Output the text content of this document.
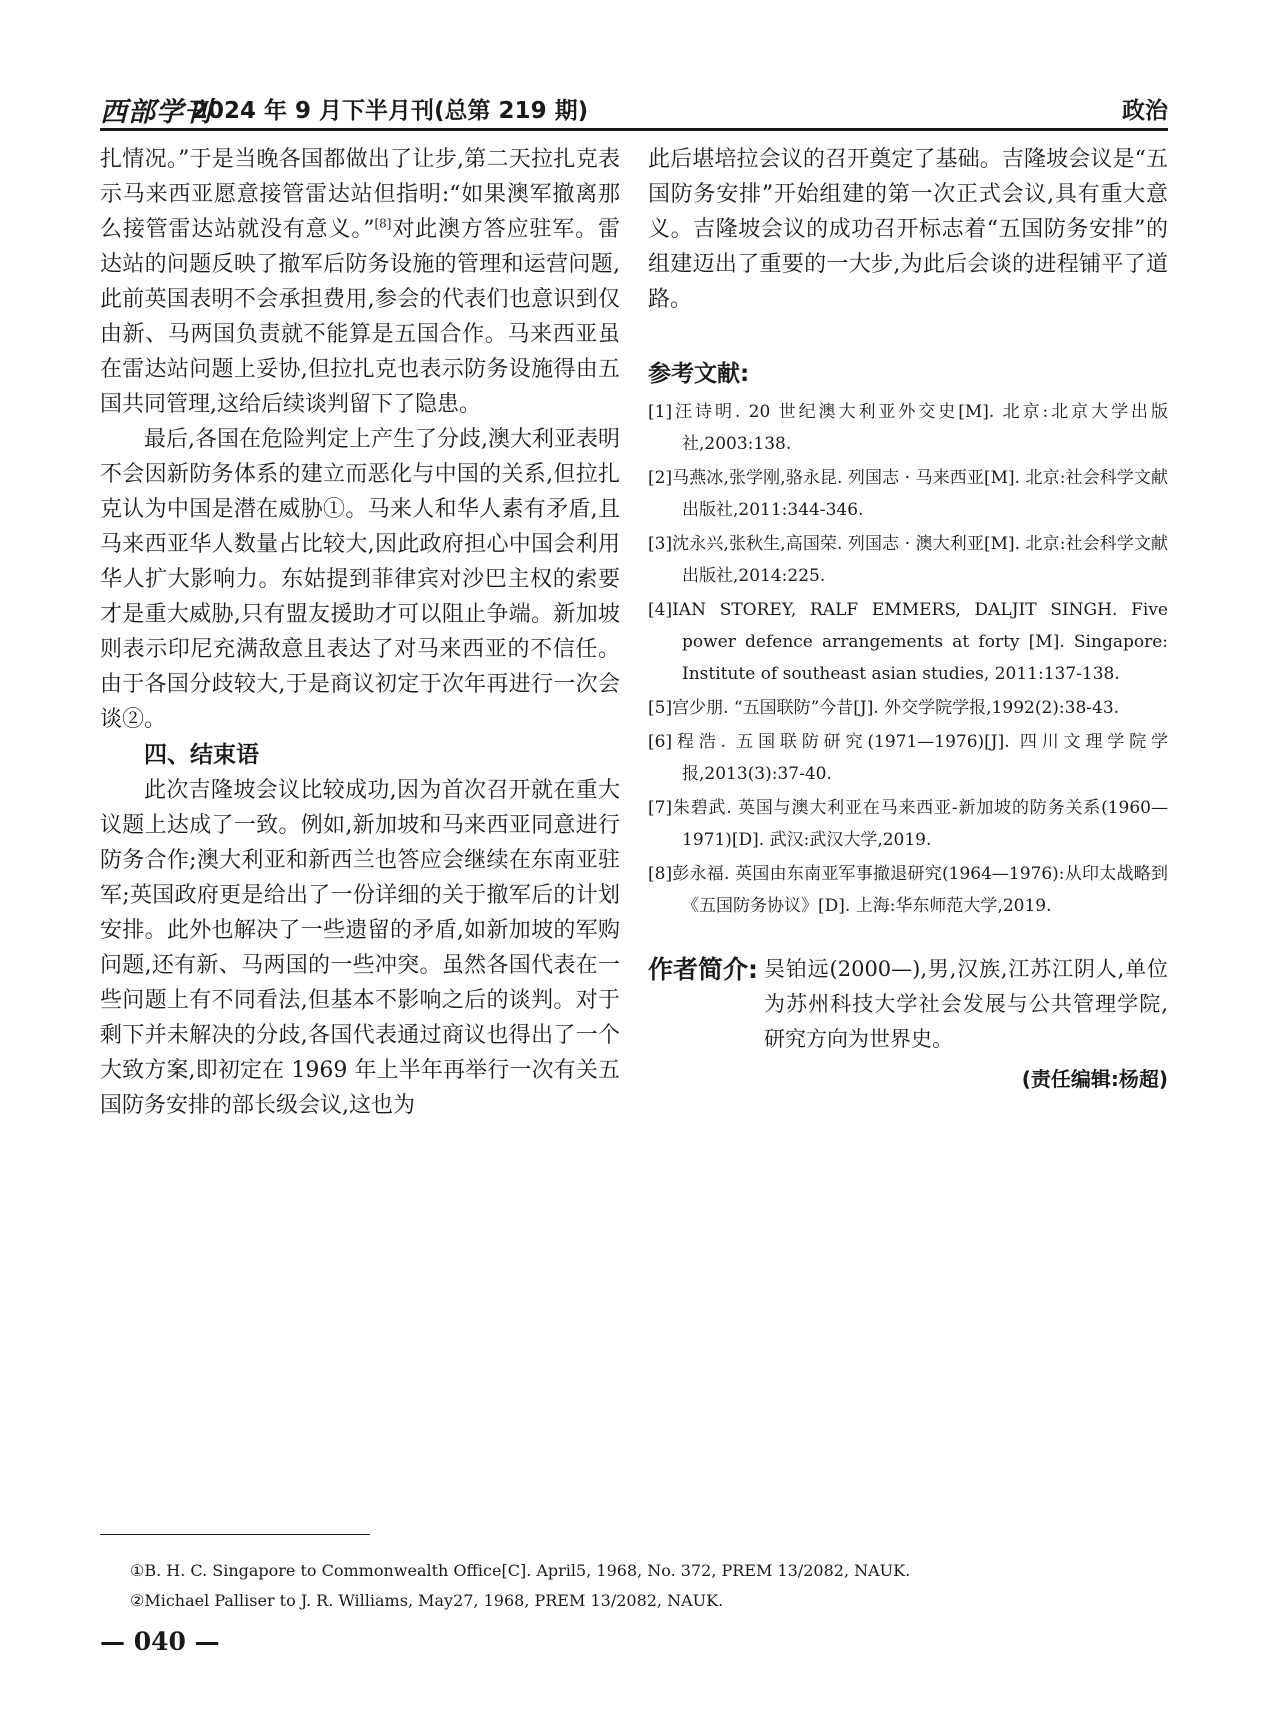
西部学刊
2024 年 9 月下半月刊(总第 219 期)	政治

扎情况。”于是当晚各国都做出了让步,第二天拉扎克表示马来西亚愿意接管雷达站但指明:“如果澳军撤离那么接管雷达站就没有意义。”[8]对此澳方答应驻军。雷达站的问题反映了撤军后防务设施的管理和运营问题,此前英国表明不会承担费用,参会的代表们也意识到仅由新、马两国负责就不能算是五国合作。马来西亚虽在雷达站问题上妥协,但拉扎克也表示防务设施得由五国共同管理,这给后续谈判留下了隐患。

最后,各国在危险判定上产生了分歧,澳大利亚表明不会因新防务体系的建立而恶化与中国的关系,但拉扎克认为中国是潜在威胁①。马来人和华人素有矛盾,且马来西亚华人数量占比较大,因此政府担心中国会利用华人扩大影响力。东姑提到菲律宾对沙巴主权的索要才是重大威胁,只有盟友援助才可以阻止争端。新加坡则表示印尼充满敌意且表达了对马来西亚的不信任。由于各国分歧较大,于是商议初定于次年再进行一次会谈②。

四、结束语

此次吉隆坡会议比较成功,因为首次召开就在重大议题上达成了一致。例如,新加坡和马来西亚同意进行防务合作;澳大利亚和新西兰也答应会继续在东南亚驻军;英国政府更是给出了一份详细的关于撤军后的计划安排。此外也解决了一些遗留的矛盾,如新加坡的军购问题,还有新、马两国的一些冲突。虽然各国代表在一些问题上有不同看法,但基本不影响之后的谈判。对于剩下并未解决的分歧,各国代表通过商议也得出了一个大致方案,即初定在 1969 年上半年再举行一次有关五国防务安排的部长级会议,这也为

此后堪培拉会议的召开奠定了基础。吉隆坡会议是“五国防务安排”开始组建的第一次正式会议,具有重大意义。吉隆坡会议的成功召开标志着“五国防务安排”的组建迈出了重要的一大步,为此后会谈的进程铺平了道路。

参考文献:

[1]汪诗明. 20 世纪澳大利亚外交史[M]. 北京:北京大学出版社,2003:138.

[2]马燕冰,张学刚,骆永昆. 列国志 · 马来西亚[M]. 北京:社会科学文献出版社,2011:344-346.

[3]沈永兴,张秋生,高国荣. 列国志 · 澳大利亚[M]. 北京:社会科学文献出版社,2014:225.

[4]IAN STOREY, RALF EMMERS, DALJIT SINGH. Five power defence arrangements at forty [M]. Singapore: Institute of southeast asian studies, 2011:137-138.

[5]宫少朋. “五国联防”今昔[J]. 外交学院学报,1992(2):38-43.

[6]程浩. 五国联防研究(1971—1976)[J]. 四川文理学院学报,2013(3):37-40.

[7]朱碧武. 英国与澳大利亚在马来西亚-新加坡的防务关系(1960—1971)[D]. 武汉:武汉大学,2019.

[8]彭永福. 英国由东南亚军事撤退研究(1964—1976):从印太战略到《五国防务协议》[D]. 上海:华东师范大学,2019.

作者简介: 吴铂远(2000—),男,汉族,江苏江阴人,单位为苏州科技大学社会发展与公共管理学院,研究方向为世界史。

(责任编辑:杨超)

①B. H. C. Singapore to Commonwealth Office[C]. April5, 1968, No. 372, PREM 13/2082, NAUK.

②Michael Palliser to J. R. Williams, May27, 1968, PREM 13/2082, NAUK.

— 040 —
